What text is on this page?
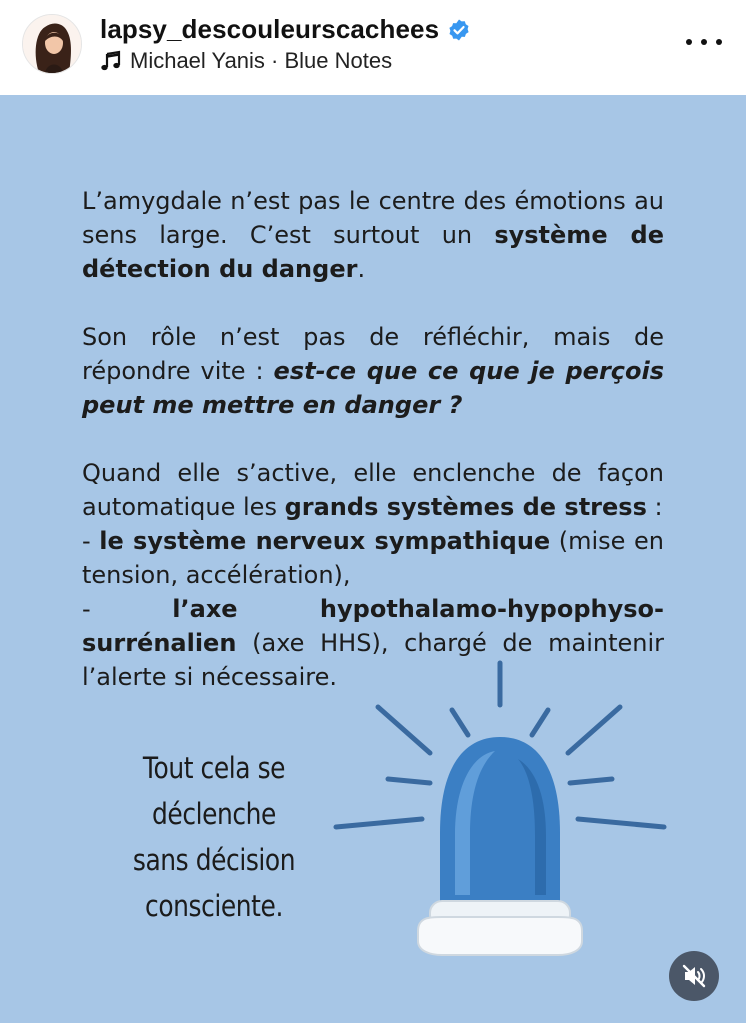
lapsy_descouleurscachees
Michael Yanis · Blue Notes

L’amygdale n’est pas le centre des émotions au sens large. C’est surtout un système de détection du danger.

Son rôle n’est pas de réfléchir, mais de répondre vite : est-ce que ce que je perçois peut me mettre en danger ?

Quand elle s’active, elle enclenche de façon automatique les grands systèmes de stress :
- le système nerveux sympathique (mise en tension, accélération),
- l’axe hypothalamo-hypophyso-surrénalien (axe HHS), chargé de maintenir l’alerte si nécessaire.

Tout cela se
déclenche
sans décision
consciente.
